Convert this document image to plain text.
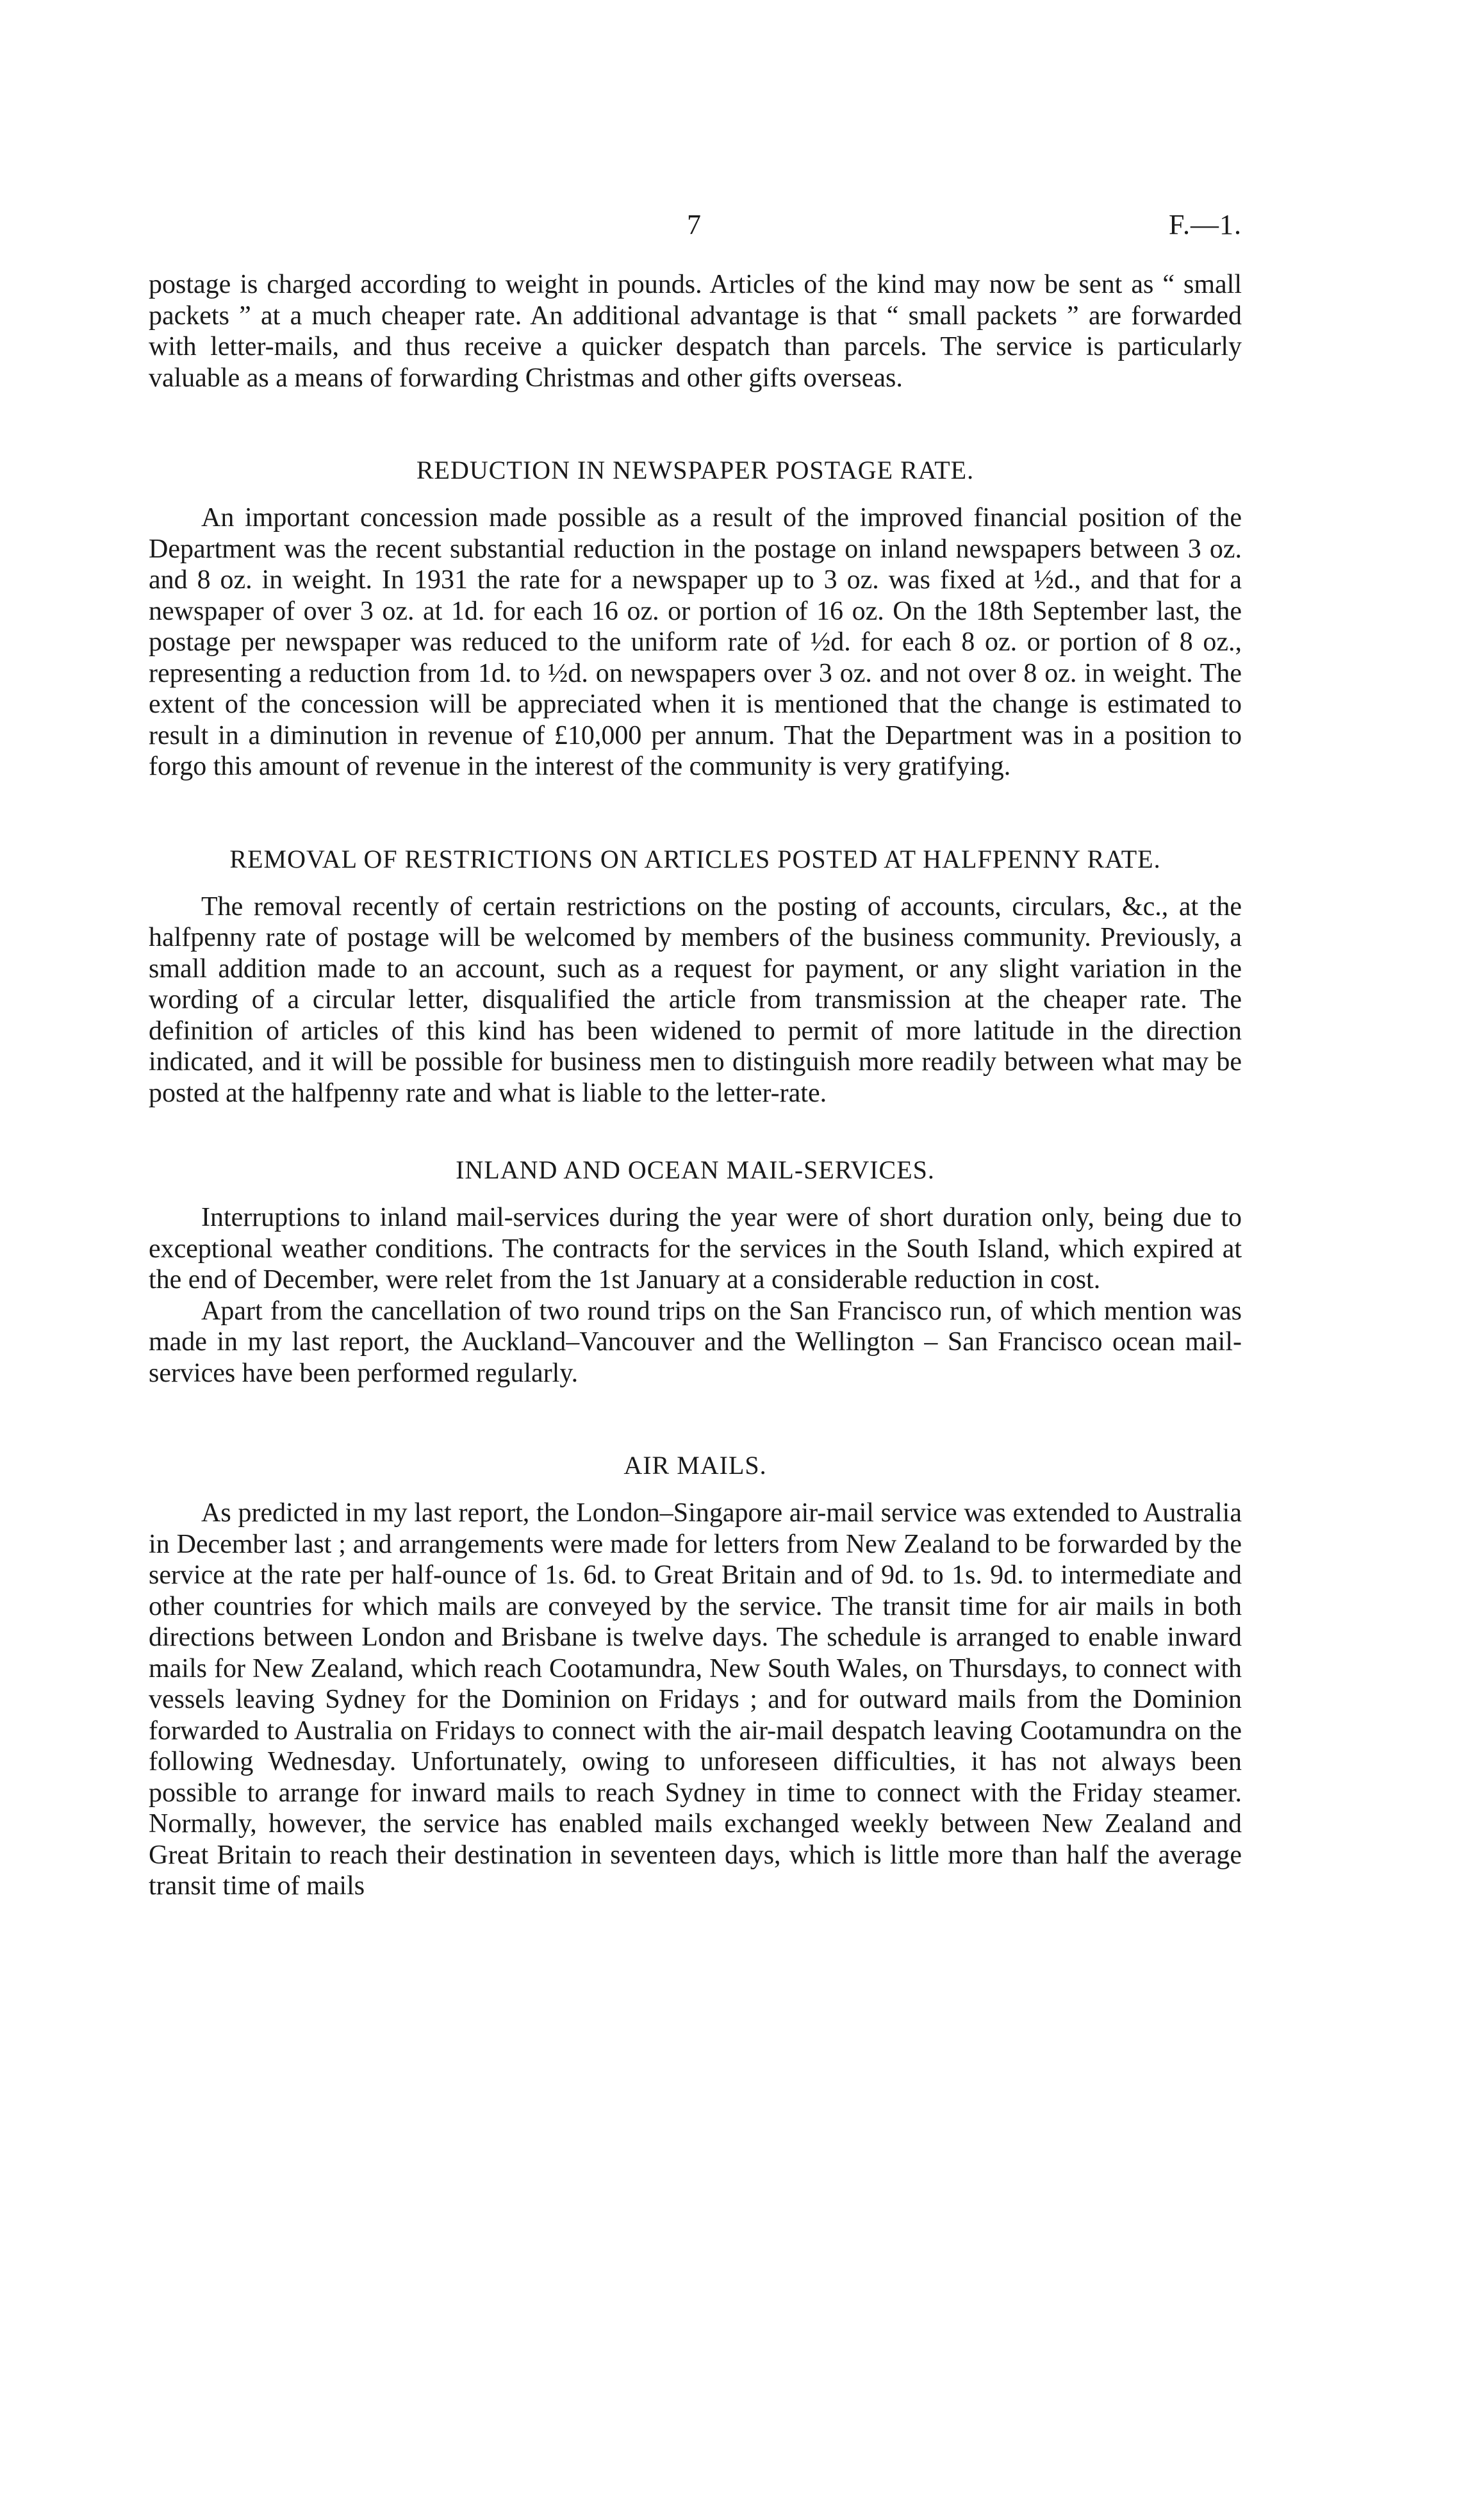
7	F.—1.

postage is charged according to weight in pounds. Articles of the kind may now be sent as “ small packets ” at a much cheaper rate. An additional advantage is that “ small packets ” are forwarded with letter-mails, and thus receive a quicker despatch than parcels. The service is particularly valuable as a means of forwarding Christmas and other gifts overseas.

REDUCTION IN NEWSPAPER POSTAGE RATE.

An important concession made possible as a result of the improved financial position of the Department was the recent substantial reduction in the postage on inland newspapers between 3 oz. and 8 oz. in weight. In 1931 the rate for a newspaper up to 3 oz. was fixed at ½d., and that for a newspaper of over 3 oz. at 1d. for each 16 oz. or portion of 16 oz. On the 18th September last, the postage per newspaper was reduced to the uniform rate of ½d. for each 8 oz. or portion of 8 oz., representing a reduction from 1d. to ½d. on newspapers over 3 oz. and not over 8 oz. in weight. The extent of the concession will be appreciated when it is mentioned that the change is estimated to result in a diminution in revenue of £10,000 per annum. That the Department was in a position to forgo this amount of revenue in the interest of the community is very gratifying.

REMOVAL OF RESTRICTIONS ON ARTICLES POSTED AT HALFPENNY RATE.

The removal recently of certain restrictions on the posting of accounts, circulars, &c., at the halfpenny rate of postage will be welcomed by members of the business community. Previously, a small addition made to an account, such as a request for payment, or any slight variation in the wording of a circular letter, disqualified the article from transmission at the cheaper rate. The definition of articles of this kind has been widened to permit of more latitude in the direction indicated, and it will be possible for business men to distinguish more readily between what may be posted at the halfpenny rate and what is liable to the letter-rate.

INLAND AND OCEAN MAIL-SERVICES.

Interruptions to inland mail-services during the year were of short duration only, being due to exceptional weather conditions. The contracts for the services in the South Island, which expired at the end of December, were relet from the 1st January at a considerable reduction in cost.

Apart from the cancellation of two round trips on the San Francisco run, of which mention was made in my last report, the Auckland–Vancouver and the Wellington – San Francisco ocean mail-services have been performed regularly.

AIR MAILS.

As predicted in my last report, the London–Singapore air-mail service was extended to Australia in December last ; and arrangements were made for letters from New Zealand to be forwarded by the service at the rate per half-ounce of 1s. 6d. to Great Britain and of 9d. to 1s. 9d. to intermediate and other countries for which mails are conveyed by the service. The transit time for air mails in both directions between London and Brisbane is twelve days. The schedule is arranged to enable inward mails for New Zealand, which reach Cootamundra, New South Wales, on Thursdays, to connect with vessels leaving Sydney for the Dominion on Fridays ; and for outward mails from the Dominion forwarded to Australia on Fridays to connect with the air-mail despatch leaving Cootamundra on the following Wednesday. Unfortunately, owing to unforeseen difficulties, it has not always been possible to arrange for inward mails to reach Sydney in time to connect with the Friday steamer. Normally, however, the service has enabled mails exchanged weekly between New Zealand and Great Britain to reach their destination in seventeen days, which is little more than half the average transit time of mails
